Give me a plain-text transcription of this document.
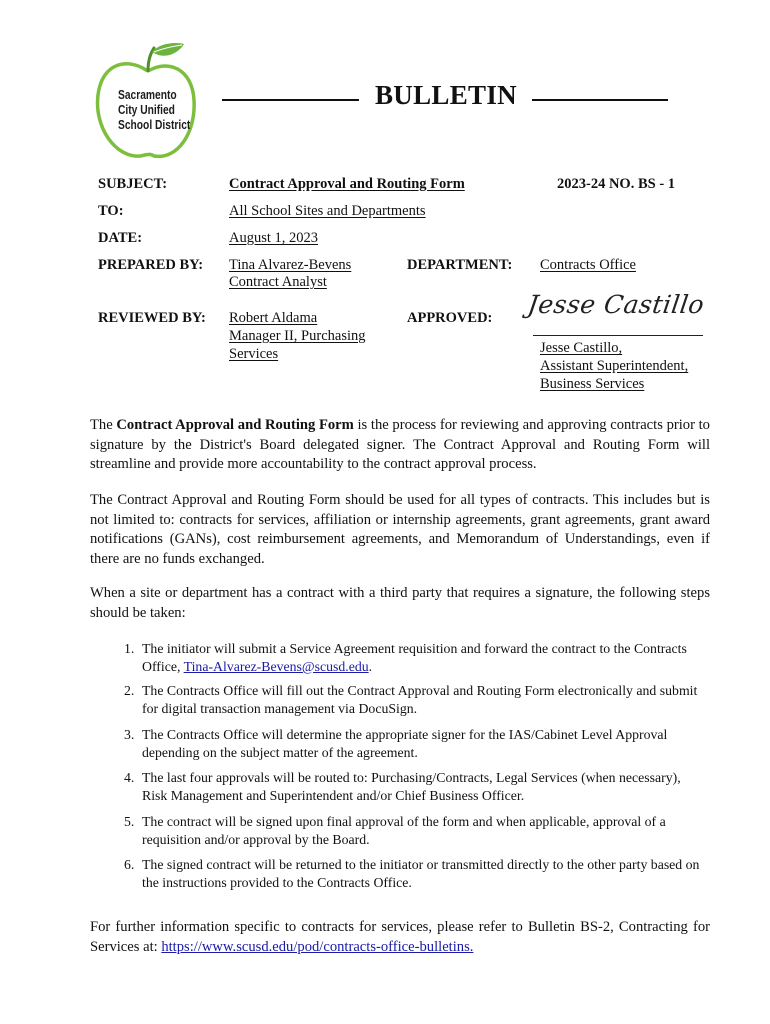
Sacramento
City Unified
School District
BULLETIN
SUBJECT:	Contract Approval and Routing Form	2023-24 NO. BS - 1
TO:	All School Sites and Departments
DATE:	August 1, 2023
PREPARED BY: Tina Alvarez-Bevens
Contract Analyst
DEPARTMENT: Contracts Office
REVIEWED BY: Robert Aldama
Manager II, Purchasing
Services
APPROVED: Jesse Castillo
Jesse Castillo,
Assistant Superintendent,
Business Services
The Contract Approval and Routing Form is the process for reviewing and approving contracts prior to signature by the District's Board delegated signer. The Contract Approval and Routing Form will streamline and provide more accountability to the contract approval process.
The Contract Approval and Routing Form should be used for all types of contracts. This includes but is not limited to: contracts for services, affiliation or internship agreements, grant agreements, grant award notifications (GANs), cost reimbursement agreements, and Memorandum of Understandings, even if there are no funds exchanged.
When a site or department has a contract with a third party that requires a signature, the following steps should be taken:
1. The initiator will submit a Service Agreement requisition and forward the contract to the Contracts Office, Tina-Alvarez-Bevens@scusd.edu.
2. The Contracts Office will fill out the Contract Approval and Routing Form electronically and submit for digital transaction management via DocuSign.
3. The Contracts Office will determine the appropriate signer for the IAS/Cabinet Level Approval depending on the subject matter of the agreement.
4. The last four approvals will be routed to: Purchasing/Contracts, Legal Services (when necessary), Risk Management and Superintendent and/or Chief Business Officer.
5. The contract will be signed upon final approval of the form and when applicable, approval of a requisition and/or approval by the Board.
6. The signed contract will be returned to the initiator or transmitted directly to the other party based on the instructions provided to the Contracts Office.
For further information specific to contracts for services, please refer to Bulletin BS-2, Contracting for Services at: https://www.scusd.edu/pod/contracts-office-bulletins.
